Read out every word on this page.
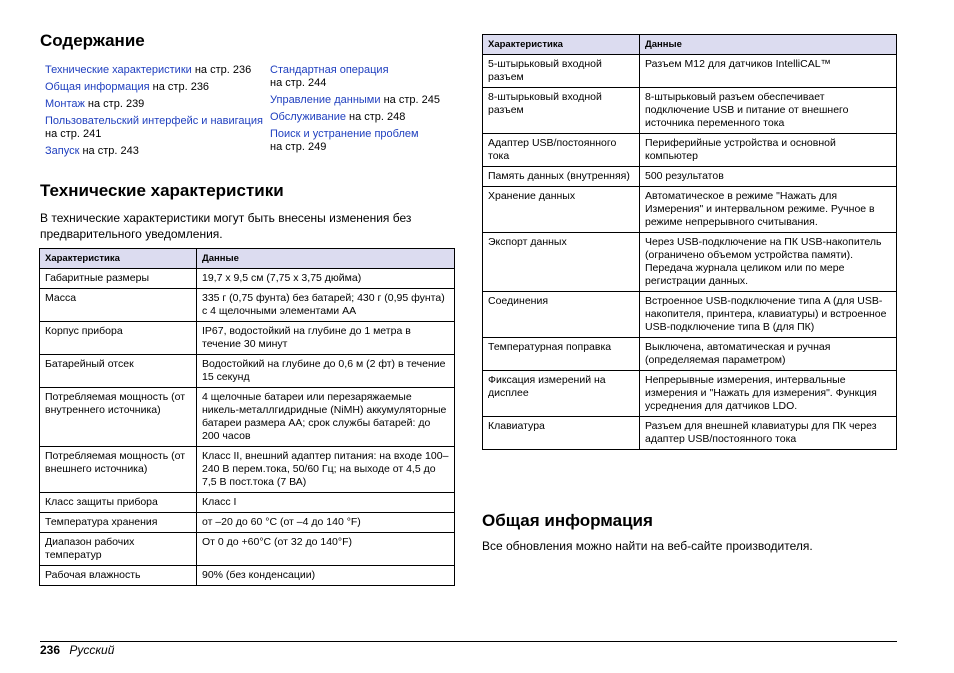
Содержание
Технические характеристики на стр. 236
Общая информация на стр. 236
Монтаж на стр. 239
Пользовательский интерфейс и навигация на стр. 241
Запуск на стр. 243
Стандартная операция
на стр. 244
Управление данными на стр. 245
Обслуживание на стр. 248
Поиск и устранение проблем
на стр. 249
Технические характеристики
В технические характеристики могут быть внесены изменения без предварительного уведомления.
Характеристика	Данные
Габаритные размеры	19,7 x 9,5 см (7,75 x 3,75 дюйма)
Масса	335 г (0,75 фунта) без батарей; 430 г (0,95 фунта) с 4 щелочными элементами AA
Корпус прибора	IP67, водостойкий на глубине до 1 метра в течение 30 минут
Батарейный отсек	Водостойкий на глубине до 0,6 м (2 фт) в течение 15 секунд
Потребляемая мощность (от внутреннего источника)	4 щелочные батареи или перезаряжаемые никель-металлгидридные (NiMH) аккумуляторные батареи размера AA; срок службы батарей: до 200 часов
Потребляемая мощность (от внешнего источника)	Класс II, внешний адаптер питания: на входе 100–240 В перем.тока, 50/60 Гц; на выходе от 4,5 до 7,5 В пост.тока (7 ВА)
Класс защиты прибора	Класс I
Температура хранения	от –20 до 60 °C (от –4 до 140 °F)
Диапазон рабочих температур	От 0 до +60°C (от 32 до 140°F)
Рабочая влажность	90% (без конденсации)
Характеристика	Данные
5-штырьковый входной разъем	Разъем M12 для датчиков IntelliCAL™
8-штырьковый входной разъем	8-штырьковый разъем обеспечивает подключение USB и питание от внешнего источника переменного тока
Адаптер USB/постоянного тока	Периферийные устройства и основной компьютер
Память данных (внутренняя)	500 результатов
Хранение данных	Автоматическое в режиме "Нажать для Измерения" и интервальном режиме. Ручное в режиме непрерывного считывания.
Экспорт данных	Через USB-подключение на ПК USB-накопитель (ограничено объемом устройства памяти). Передача журнала целиком или по мере регистрации данных.
Соединения	Встроенное USB-подключение типа A (для USB-накопителя, принтера, клавиатуры) и встроенное USB-подключение типа B (для ПК)
Температурная поправка	Выключена, автоматическая и ручная (определяемая параметром)
Фиксация измерений на дисплее	Непрерывные измерения, интервальные измерения и "Нажать для измерения". Функция усреднения для датчиков LDO.
Клавиатура	Разъем для внешней клавиатуры для ПК через адаптер USB/постоянного тока
Общая информация
Все обновления можно найти на веб-сайте производителя.
236 Русский
